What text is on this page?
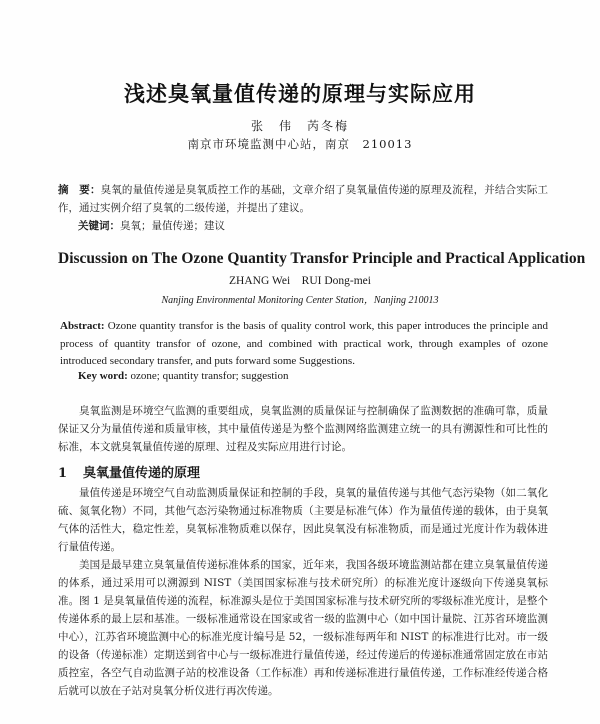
浅述臭氧量值传递的原理与实际应用
张　伟　芮冬梅
南京市环境监测中心站，南京　210013
摘　要：臭氧的量值传递是臭氧质控工作的基础，文章介绍了臭氧量值传递的原理及流程，并结合实际工作，通过实例介绍了臭氧的二级传递，并提出了建议。
关键词：臭氧；量值传递；建议
Discussion on The Ozone Quantity Transfor Principle and Practical Application
ZHANG Wei　RUI Dong-mei
Nanjing Environmental Monitoring Center Station，Nanjing 210013
Abstract: Ozone quantity transfor is the basis of quality control work, this paper introduces the principle and process of quantity transfor of ozone, and combined with practical work, through examples of ozone introduced secondary transfer, and puts forward some Suggestions.
Key word: ozone; quantity transfor; suggestion
臭氧监测是环境空气监测的重要组成，臭氧监测的质量保证与控制确保了监测数据的准确可靠，质量保证又分为量值传递和质量审核，其中量值传递是为整个监测网络监测建立统一的具有溯源性和可比性的标准，本文就臭氧量值传递的原理、过程及实际应用进行讨论。
1 臭氧量值传递的原理
量值传递是环境空气自动监测质量保证和控制的手段，臭氧的量值传递与其他气态污染物（如二氧化硫、氮氧化物）不同，其他气态污染物通过标准物质（主要是标准气体）作为量值传递的载体，由于臭氧气体的活性大，稳定性差，臭氧标准物质难以保存，因此臭氧没有标准物质，而是通过光度计作为载体进行量值传递。
美国是最早建立臭氧量值传递标准体系的国家，近年来，我国各级环境监测站都在建立臭氧量值传递的体系，通过采用可以溯源到 NIST（美国国家标准与技术研究所）的标准光度计逐级向下传递臭氧标准。图 1 是臭氧量值传递的流程，标准源头是位于美国国家标准与技术研究所的零级标准光度计，是整个传递体系的最上层和基准。一级标准通常设在国家或省一级的监测中心（如中国计量院、江苏省环境监测中心），江苏省环境监测中心的标准光度计编号是 52，一级标准每两年和 NIST 的标准进行比对。市一级的设备（传递标准）定期送到省中心与一级标准进行量值传递，经过传递后的传递标准通常固定放在市站质控室，各空气自动监测子站的校准设备（工作标准）再和传递标准进行量值传递，工作标准经传递合格后就可以放在子站对臭氧分析仪进行再次传递。
